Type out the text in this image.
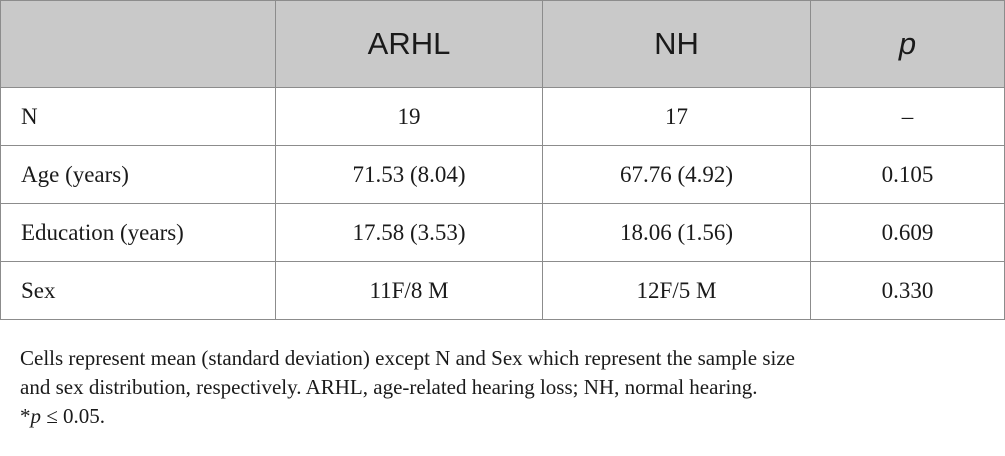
	ARHL	NH	p
N	19	17	–
Age (years)	71.53 (8.04)	67.76 (4.92)	0.105
Education (years)	17.58 (3.53)	18.06 (1.56)	0.609
Sex	11F/8 M	12F/5 M	0.330

Cells represent mean (standard deviation) except N and Sex which represent the sample size

and sex distribution, respectively. ARHL, age-related hearing loss; NH, normal hearing.

*p ≤ 0.05.
